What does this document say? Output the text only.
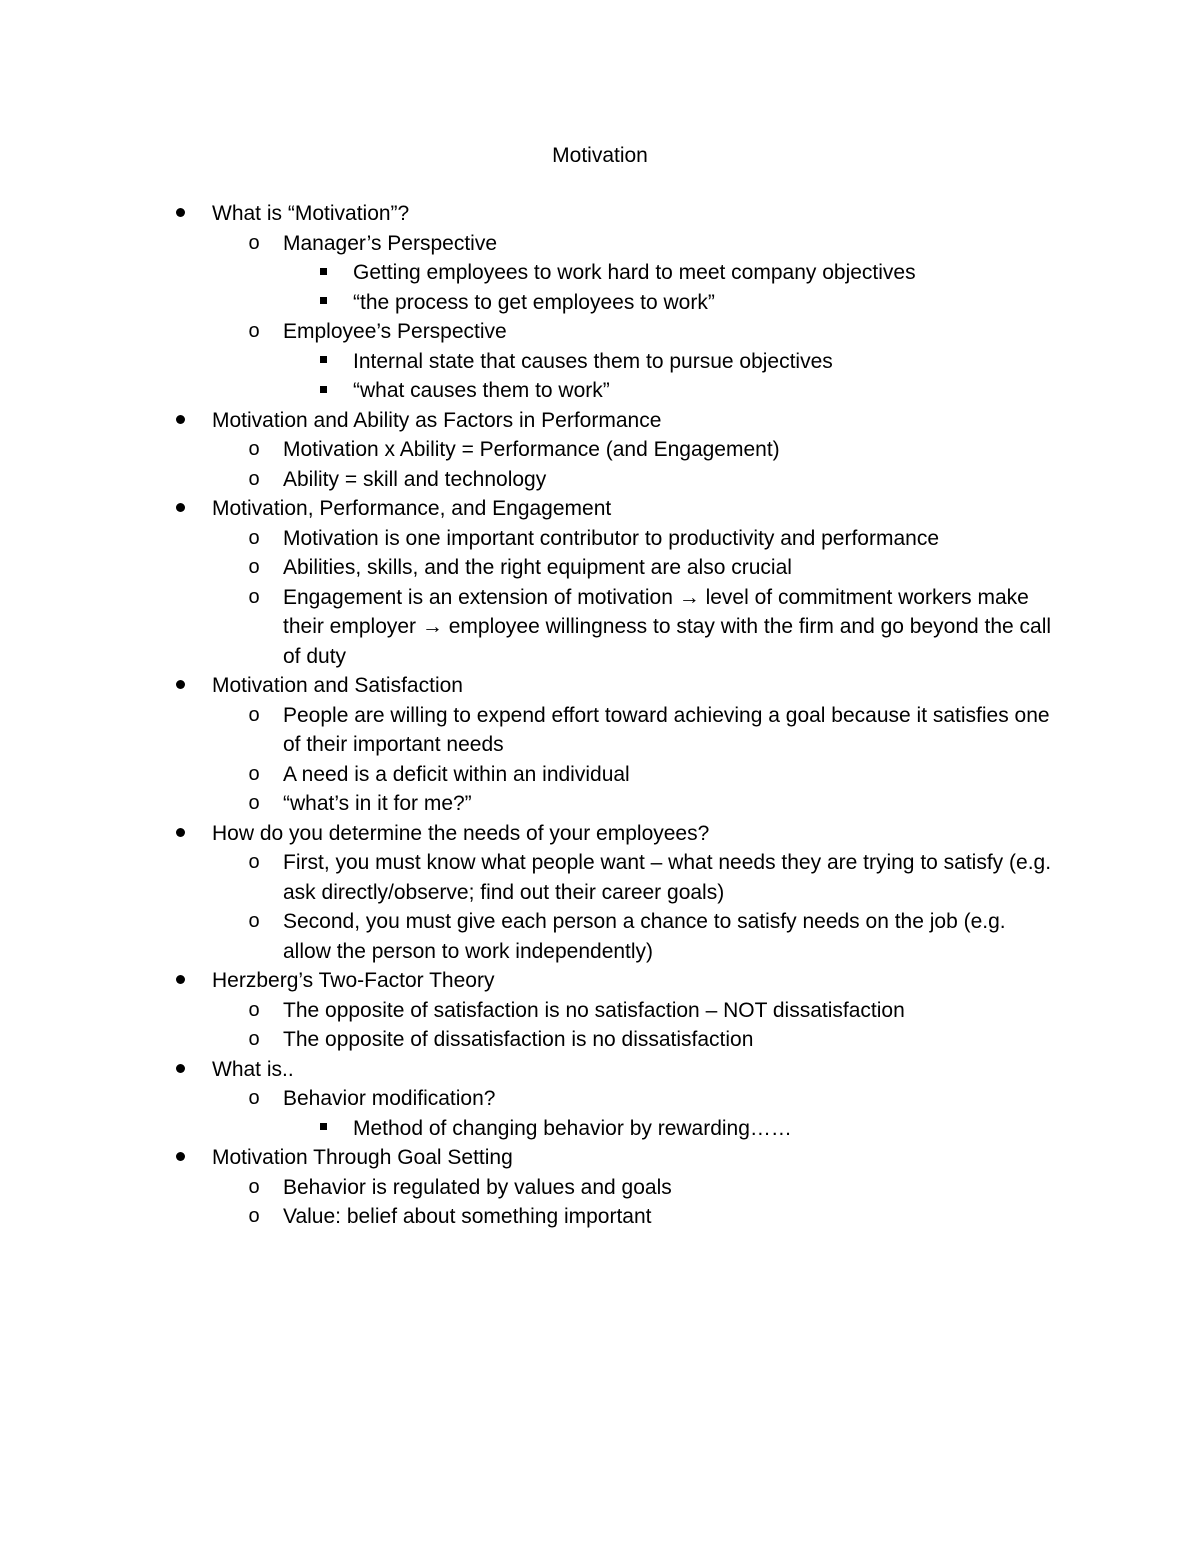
Motivation
What is “Motivation”?
o Manager’s Perspective
Getting employees to work hard to meet company objectives
“the process to get employees to work”
o Employee’s Perspective
Internal state that causes them to pursue objectives
“what causes them to work”
Motivation and Ability as Factors in Performance
o Motivation x Ability = Performance (and Engagement)
o Ability = skill and technology
Motivation, Performance, and Engagement
o Motivation is one important contributor to productivity and performance
o Abilities, skills, and the right equipment are also crucial
o Engagement is an extension of motivation → level of commitment workers make their employer → employee willingness to stay with the firm and go beyond the call of duty
Motivation and Satisfaction
o People are willing to expend effort toward achieving a goal because it satisfies one of their important needs
o A need is a deficit within an individual
o “what’s in it for me?”
How do you determine the needs of your employees?
o First, you must know what people want – what needs they are trying to satisfy (e.g. ask directly/observe; find out their career goals)
o Second, you must give each person a chance to satisfy needs on the job (e.g. allow the person to work independently)
Herzberg’s Two-Factor Theory
o The opposite of satisfaction is no satisfaction – NOT dissatisfaction
o The opposite of dissatisfaction is no dissatisfaction
What is..
o Behavior modification?
Method of changing behavior by rewarding……
Motivation Through Goal Setting
o Behavior is regulated by values and goals
o Value: belief about something important
